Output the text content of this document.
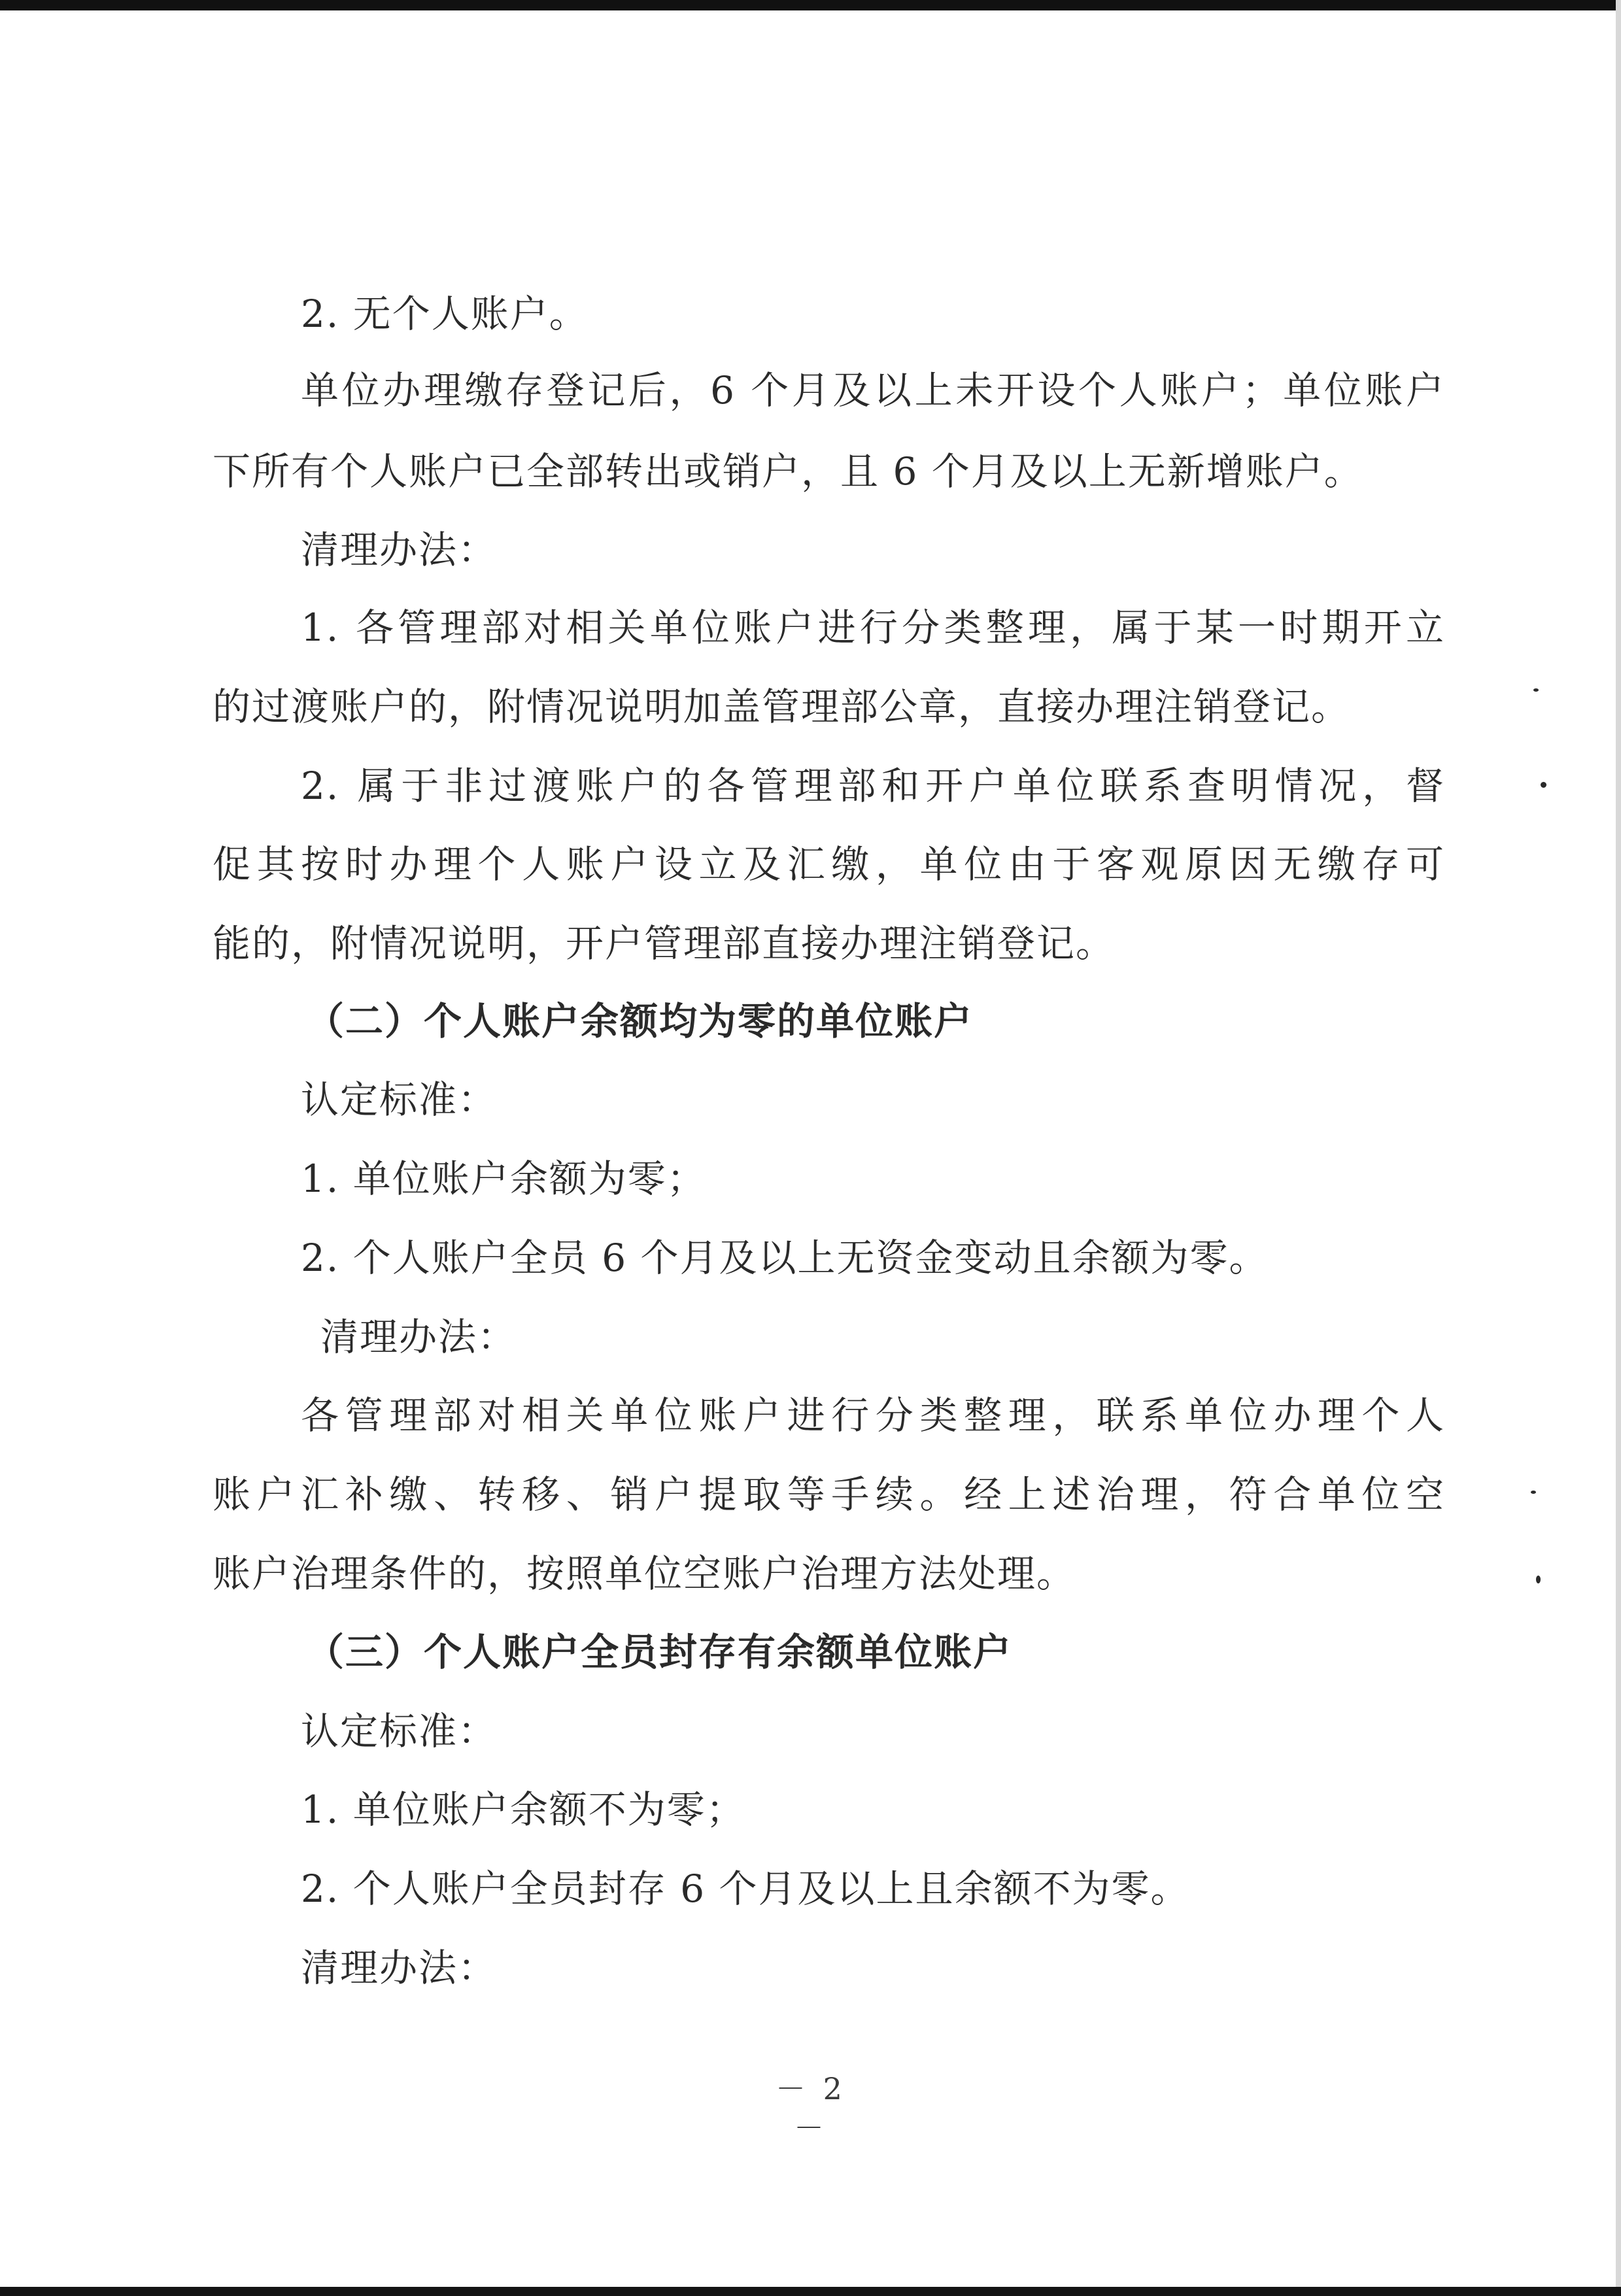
2. 无个人账户。
单位办理缴存登记后，6 个月及以上未开设个人账户；单位账户
下所有个人账户已全部转出或销户，且 6 个月及以上无新增账户。
清理办法：
1. 各管理部对相关单位账户进行分类整理，属于某一时期开立
的过渡账户的，附情况说明加盖管理部公章，直接办理注销登记。
2. 属于非过渡账户的各管理部和开户单位联系查明情况，督
促其按时办理个人账户设立及汇缴，单位由于客观原因无缴存可
能的，附情况说明，开户管理部直接办理注销登记。
（二）个人账户余额均为零的单位账户
认定标准：
1. 单位账户余额为零；
2. 个人账户全员 6 个月及以上无资金变动且余额为零。
清理办法：
各管理部对相关单位账户进行分类整理，联系单位办理个人
账户汇补缴、转移、销户提取等手续。经上述治理，符合单位空
账户治理条件的，按照单位空账户治理方法处理。
（三）个人账户全员封存有余额单位账户
认定标准：
1. 单位账户余额不为零；
2. 个人账户全员封存 6 个月及以上且余额不为零。
清理办法：
－ 2 －
